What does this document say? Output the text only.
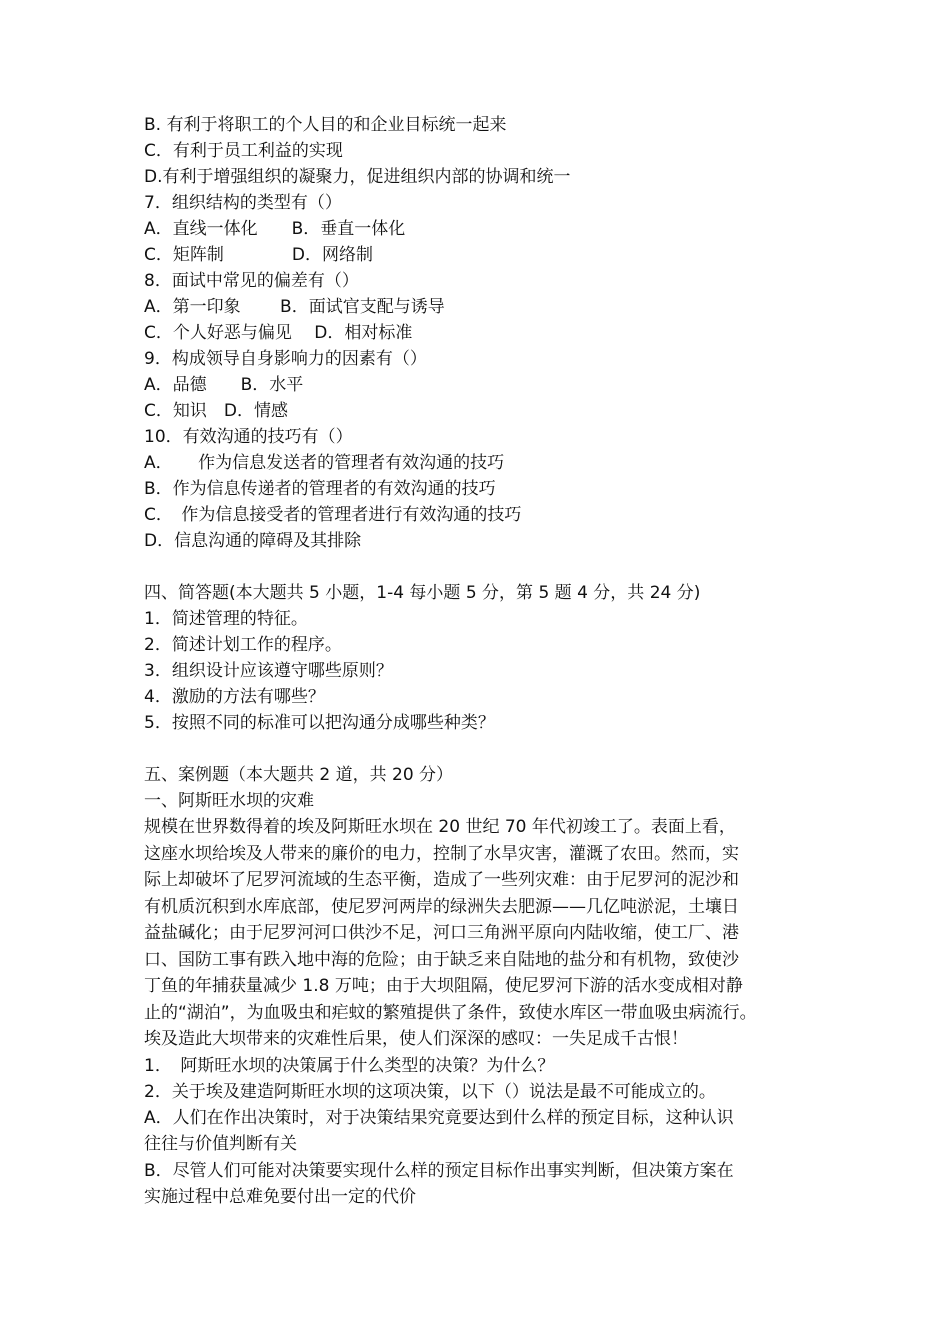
B. 有利于将职工的个人目的和企业目标统一起来
C．有利于员工利益的实现
D.有利于增强组织的凝聚力，促进组织内部的协调和统一
7．组织结构的类型有（）
A．直线一体化　　B．垂直一体化
C．矩阵制　　　　D．网络制
8．面试中常见的偏差有（）
A．第一印象　　 B．面试官支配与诱导
C．个人好恶与偏见　 D．相对标准
9．构成领导自身影响力的因素有（）
A．品德　　B．水平
C．知识　D．情感
10．有效沟通的技巧有（）
A．　　作为信息发送者的管理者有效沟通的技巧
B．作为信息传递者的管理者的有效沟通的技巧
C．　作为信息接受者的管理者进行有效沟通的技巧
D．信息沟通的障碍及其排除
四、简答题(本大题共 5 小题，1-4 每小题 5 分，第 5 题 4 分，共 24 分)
1．简述管理的特征。
2．简述计划工作的程序。
3．组织设计应该遵守哪些原则？
4．激励的方法有哪些？
5．按照不同的标准可以把沟通分成哪些种类？
五、案例题（本大题共 2 道，共 20 分）
一、阿斯旺水坝的灾难
规模在世界数得着的埃及阿斯旺水坝在 20 世纪 70 年代初竣工了。表面上看，
这座水坝给埃及人带来的廉价的电力，控制了水旱灾害，灌溉了农田。然而，实
际上却破坏了尼罗河流域的生态平衡，造成了一些列灾难：由于尼罗河的泥沙和
有机质沉积到水库底部，使尼罗河两岸的绿洲失去肥源——几亿吨淤泥，土壤日
益盐碱化；由于尼罗河河口供沙不足，河口三角洲平原向内陆收缩，使工厂、港
口、国防工事有跌入地中海的危险；由于缺乏来自陆地的盐分和有机物，致使沙
丁鱼的年捕获量减少 1.8 万吨；由于大坝阻隔，使尼罗河下游的活水变成相对静
止的“湖泊”，为血吸虫和疟蚊的繁殖提供了条件，致使水库区一带血吸虫病流行。
埃及造此大坝带来的灾难性后果，使人们深深的感叹：一失足成千古恨！
1．　阿斯旺水坝的决策属于什么类型的决策？为什么？
2．关于埃及建造阿斯旺水坝的这项决策，以下（）说法是最不可能成立的。
A．人们在作出决策时，对于决策结果究竟要达到什么样的预定目标，这种认识
往往与价值判断有关
B．尽管人们可能对决策要实现什么样的预定目标作出事实判断，但决策方案在
实施过程中总难免要付出一定的代价
